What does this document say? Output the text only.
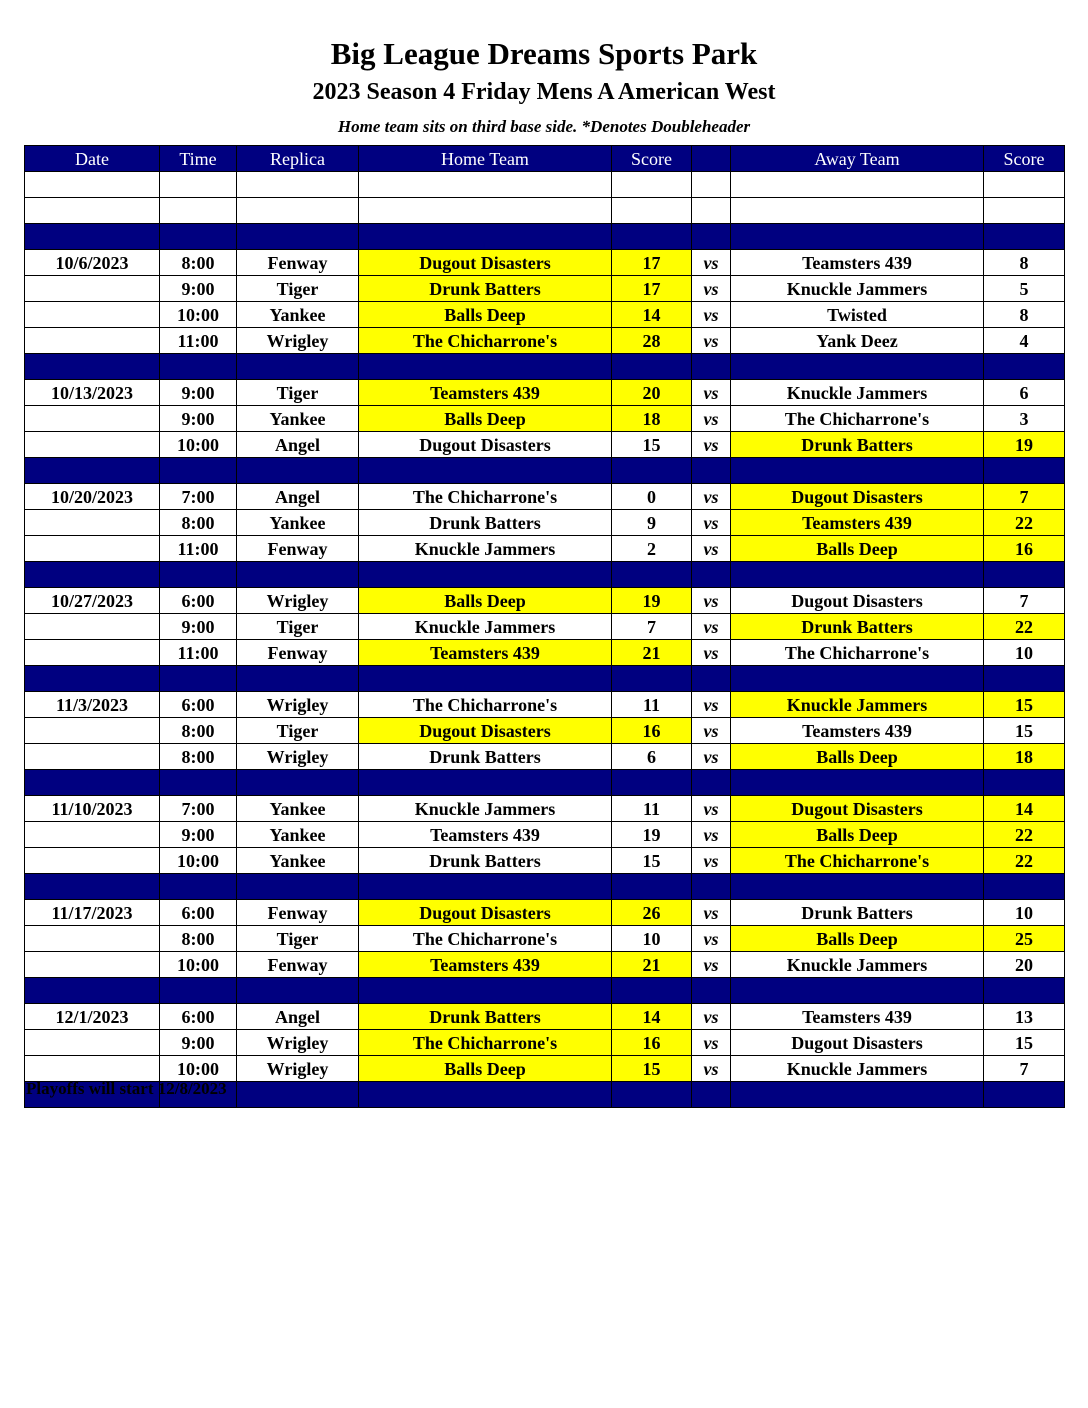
Big League Dreams Sports Park
2023 Season 4 Friday Mens A American West
Home team sits on third base side. *Denotes Doubleheader
Date	Time	Replica	Home Team	Score		Away Team	Score

10/6/2023	8:00	Fenway	Dugout Disasters	17	vs	Teamsters 439	8
	9:00	Tiger	Drunk Batters	17	vs	Knuckle Jammers	5
	10:00	Yankee	Balls Deep	14	vs	Twisted	8
	11:00	Wrigley	The Chicharrone's	28	vs	Yank Deez	4

10/13/2023	9:00	Tiger	Teamsters 439	20	vs	Knuckle Jammers	6
	9:00	Yankee	Balls Deep	18	vs	The Chicharrone's	3
	10:00	Angel	Dugout Disasters	15	vs	Drunk Batters	19

10/20/2023	7:00	Angel	The Chicharrone's	0	vs	Dugout Disasters	7
	8:00	Yankee	Drunk Batters	9	vs	Teamsters 439	22
	11:00	Fenway	Knuckle Jammers	2	vs	Balls Deep	16

10/27/2023	6:00	Wrigley	Balls Deep	19	vs	Dugout Disasters	7
	9:00	Tiger	Knuckle Jammers	7	vs	Drunk Batters	22
	11:00	Fenway	Teamsters 439	21	vs	The Chicharrone's	10

11/3/2023	6:00	Wrigley	The Chicharrone's	11	vs	Knuckle Jammers	15
	8:00	Tiger	Dugout Disasters	16	vs	Teamsters 439	15
	8:00	Wrigley	Drunk Batters	6	vs	Balls Deep	18

11/10/2023	7:00	Yankee	Knuckle Jammers	11	vs	Dugout Disasters	14
	9:00	Yankee	Teamsters 439	19	vs	Balls Deep	22
	10:00	Yankee	Drunk Batters	15	vs	The Chicharrone's	22

11/17/2023	6:00	Fenway	Dugout Disasters	26	vs	Drunk Batters	10
	8:00	Tiger	The Chicharrone's	10	vs	Balls Deep	25
	10:00	Fenway	Teamsters 439	21	vs	Knuckle Jammers	20

12/1/2023	6:00	Angel	Drunk Batters	14	vs	Teamsters 439	13
	9:00	Wrigley	The Chicharrone's	16	vs	Dugout Disasters	15
	10:00	Wrigley	Balls Deep	15	vs	Knuckle Jammers	7

Playoffs will start 12/8/2023
